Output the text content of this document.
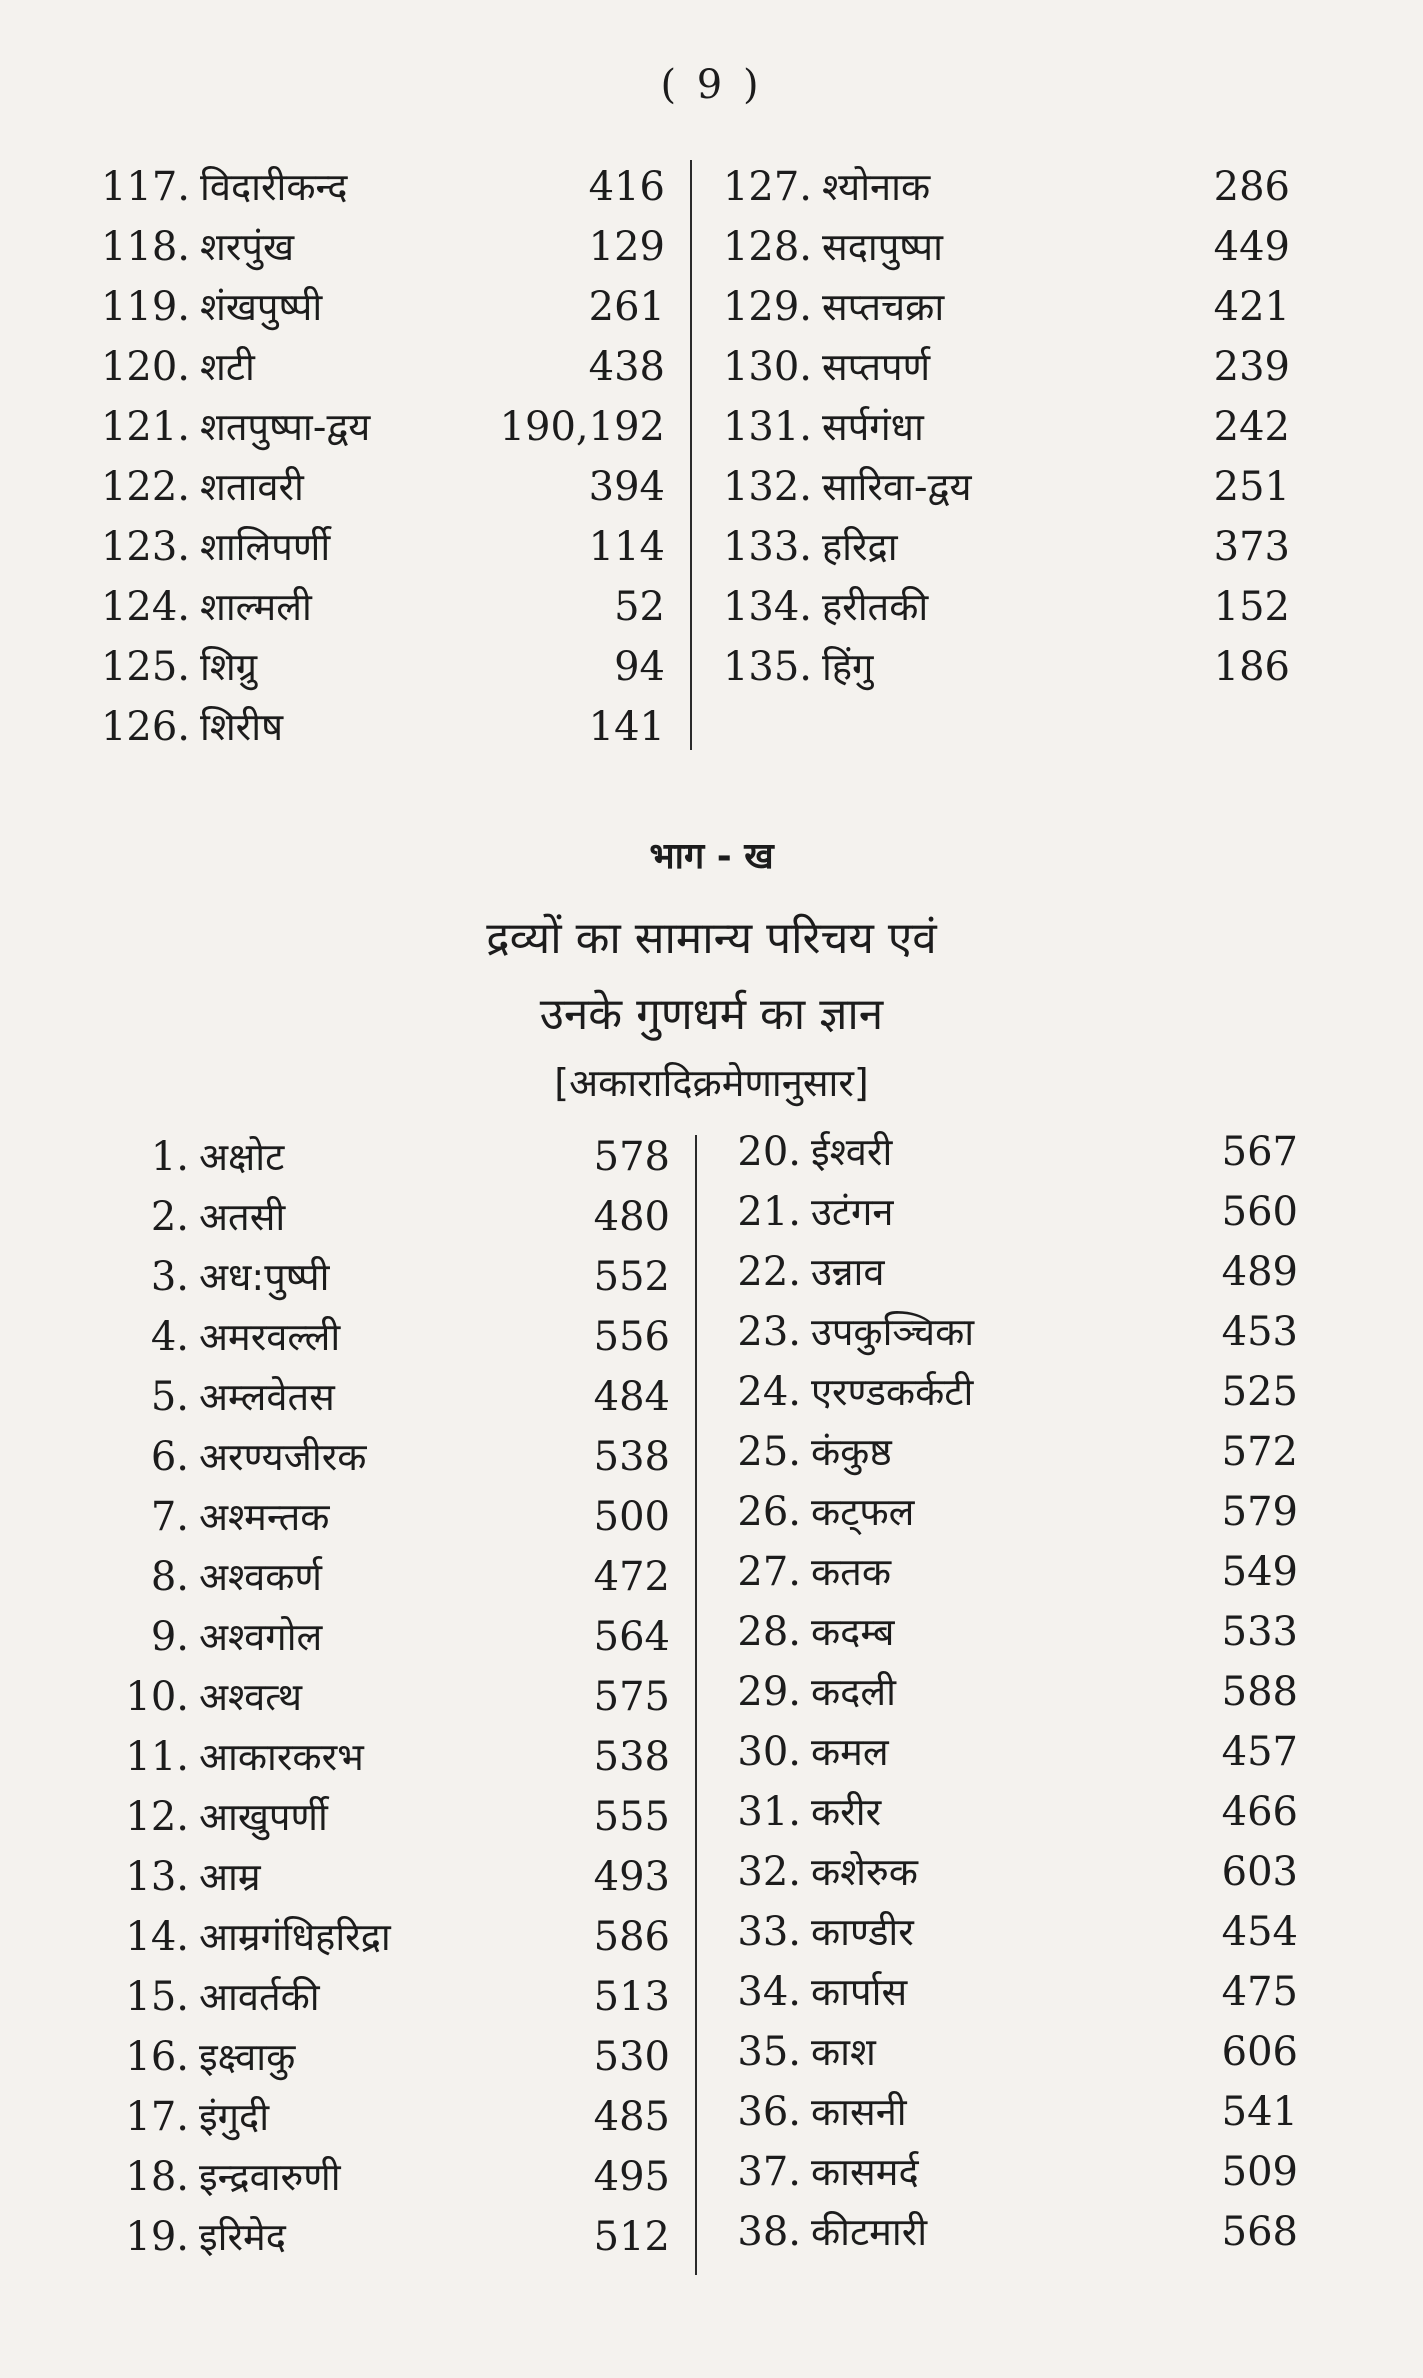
( 9 )
117. विदारीकन्द	416
118. शरपुंख	129
119. शंखपुष्पी	261
120. शटी	438
121. शतपुष्पा-द्वय	190,192
122. शतावरी	394
123. शालिपर्णी	114
124. शाल्मली	52
125. शिग्रु	94
126. शिरीष	141
127. श्योनाक	286
128. सदापुष्पा	449
129. सप्तचक्रा	421
130. सप्तपर्ण	239
131. सर्पगंधा	242
132. सारिवा-द्वय	251
133. हरिद्रा	373
134. हरीतकी	152
135. हिंगु	186
भाग - ख
द्रव्यों का सामान्य परिचय एवं
उनके गुणधर्म का ज्ञान
[अकारादिक्रमेणानुसार]
1. अक्षोट	578
2. अतसी	480
3. अध:पुष्पी	552
4. अमरवल्ली	556
5. अम्लवेतस	484
6. अरण्यजीरक	538
7. अश्मन्तक	500
8. अश्वकर्ण	472
9. अश्वगोल	564
10. अश्वत्थ	575
11. आकारकरभ	538
12. आखुपर्णी	555
13. आम्र	493
14. आम्रगंधिहरिद्रा	586
15. आवर्तकी	513
16. इक्ष्वाकु	530
17. इंगुदी	485
18. इन्द्रवारुणी	495
19. इरिमेद	512
20. ईश्वरी	567
21. उटंगन	560
22. उन्नाव	489
23. उपकुञ्चिका	453
24. एरण्डकर्कटी	525
25. कंकुष्ठ	572
26. कट्फल	579
27. कतक	549
28. कदम्ब	533
29. कदली	588
30. कमल	457
31. करीर	466
32. कशेरुक	603
33. काण्डीर	454
34. कार्पास	475
35. काश	606
36. कासनी	541
37. कासमर्द	509
38. कीटमारी	568
